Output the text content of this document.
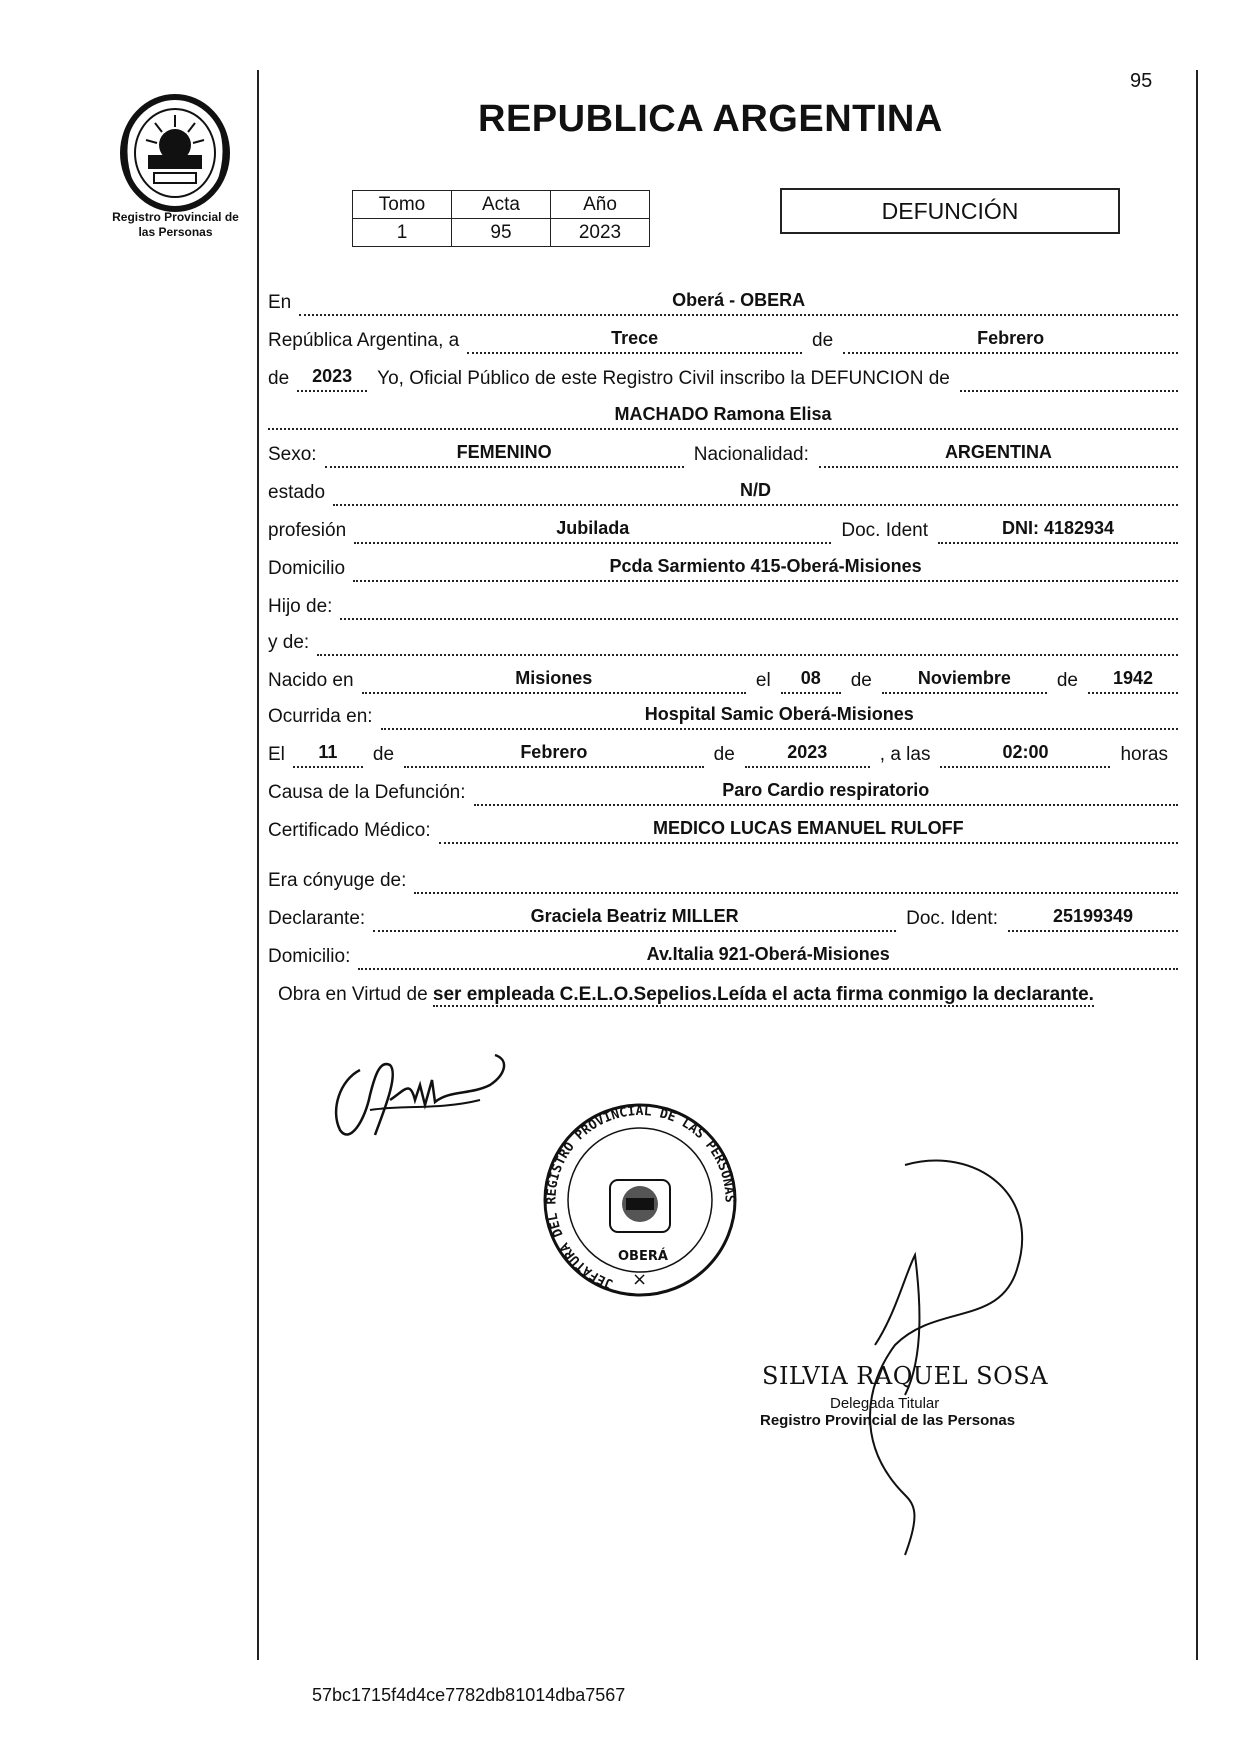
95
Registro Provincial de
las Personas
REPUBLICA ARGENTINA
Tomo	Acta	Año
1	95	2023
DEFUNCIÓN
En	Oberá - OBERA
República Argentina, a	Trece	de	Febrero
de	2023	Yo, Oficial Público de este Registro Civil inscribo la DEFUNCION de
MACHADO Ramona Elisa
Sexo:	FEMENINO	Nacionalidad:	ARGENTINA
estado	N/D
profesión	Jubilada	Doc. Ident	DNI: 4182934
Domicilio	Pcda Sarmiento 415-Oberá-Misiones
Hijo de:
y de:
Nacido en	Misiones	el	08	de	Noviembre	de	1942
Ocurrida en:	Hospital Samic Oberá-Misiones
El	11	de	Febrero	de	2023	, a las	02:00	horas
Causa de la Defunción:	Paro Cardio respiratorio
Certificado Médico:	MEDICO LUCAS EMANUEL RULOFF
Era cónyuge de:
Declarante:	Graciela Beatriz MILLER	Doc. Ident:	25199349
Domicilio:	Av.Italia 921-Oberá-Misiones
Obra en Virtud de ser empleada C.E.L.O.Sepelios.Leída el acta firma conmigo la declarante.
JEFATURA DEL REGISTRO PROVINCIAL DE LAS PERSONAS
OBERÁ
×
SILVIA RAQUEL SOSA
Delegada Titular
Registro Provincial de las Personas
57bc1715f4d4ce7782db81014dba7567
